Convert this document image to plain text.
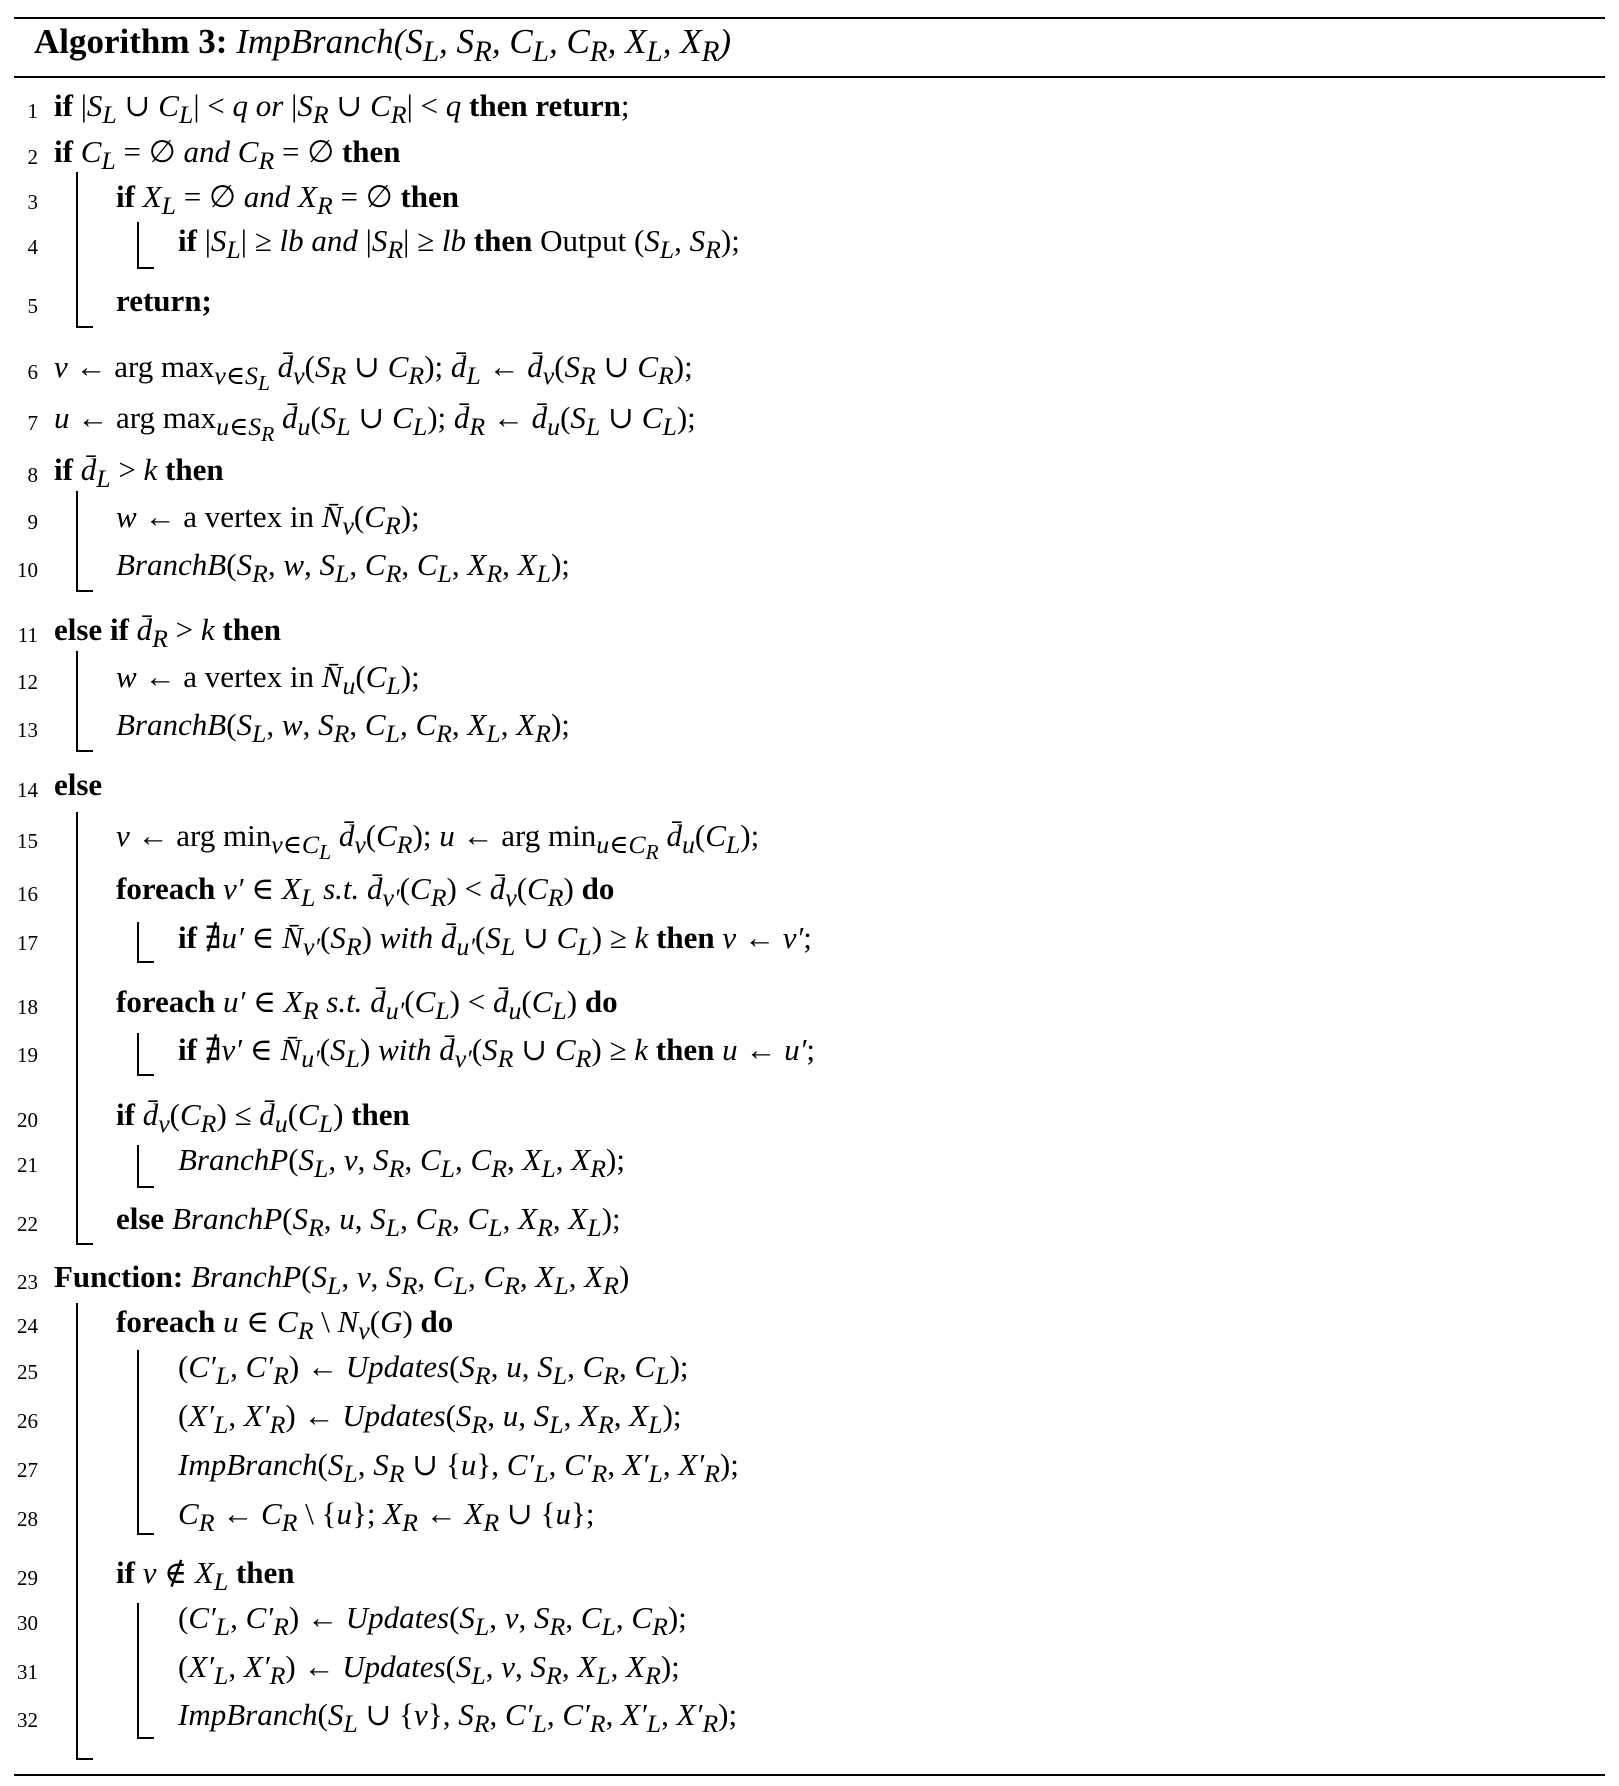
Algorithm 3: $ImpBranch(S_L$, $S_R$, $C_L$, $C_R$, $X_L$, $X_R$)
1
2
3
4
5
6
7
8
9
10
11
12
13
14
15
16
17
18
19
20
21
22
23
24
25
26
27
28
29
30
31
32
if $|S_L$ ∪ $C_L| < q$ or $|S_R$ ∪ $C_R| < q$ then return;
if $C_L$ = ∅ and $C_R$ = ∅ then
if $X_L$ = ∅ and $X_R$ = ∅ then
if $|S_L|$ ≥ lb and $|S_R|$ ≥ lb then Output ($S_L$, $S_R$);
return;
v ← arg $\max_{v\in S_L}$ $d̄_v(S_R$ ∪ $C_R$); $d̄_L$ ← $d̄_v(S_R$ ∪ $C_R$);
u ← arg $\max_{u\in S_R}$ $d̄_u(S_L$ ∪ $C_L$); $d̄_R$ ← $d̄_u(S_L$ ∪ $C_L$);
if $d̄_L > k$ then
w ← a vertex in $N̄_v(C_R)$;
$BranchB(S_R$, w, $S_L$, $C_R$, $C_L$, $X_R$, $X_L$);
else if $d̄_R > k$ then
w ← a vertex in $N̄_u(C_L)$;
$BranchB(S_L$, w, $S_R$, $C_L$, $C_R$, $X_L$, $X_R$);
else
v ← arg $\min_{v\in C_L}$ $d̄_v(C_R)$; u ← arg $\min_{u\in C_R}$ $d̄_u(C_L)$;
foreach v′ ∈ $X_L$ s.t. $d̄_{v'}(C_R)$ < $d̄_v(C_R)$ do
if ∄u′ ∈ $N̄_{v'}(S_R)$ with $d̄_{u'}(S_L$ ∪ $C_L) \ge k$ then v ← v′;
foreach u′ ∈ $X_R$ s.t. $d̄_{u'}(C_L)$ < $d̄_u(C_L)$ do
if ∄v′ ∈ $N̄_{u'}(S_L)$ with $d̄_{v'}(S_R$ ∪ $C_R) \ge k$ then u ← u′;
if $d̄_v(C_R)$ ≤ $d̄_u(C_L)$ then
$BranchP(S_L$, v, $S_R$, $C_L$, $C_R$, $X_L$, $X_R$);
else $BranchP(S_R$, u, $S_L$, $C_R$, $C_L$, $X_R$, $X_L$);
Function: $BranchP(S_L$, v, $S_R$, $C_L$, $C_R$, $X_L$, $X_R$)
foreach u ∈ $C_R$ \ $N_v(G)$ do
($C'_L$, $C'_R$) ← $Updates(S_R$, u, $S_L$, $C_R$, $C_L$);
($X'_L$, $X'_R$) ← $Updates(S_R$, u, $S_L$, $X_R$, $X_L$);
$ImpBranch(S_L$, $S_R$ ∪ {u}, $C'_L$, $C'_R$, $X'_L$, $X'_R$);
$C_R$ ← $C_R$ \ {u}; $X_R$ ← $X_R$ ∪ {u};
if v ∉ $X_L$ then
($C'_L$, $C'_R$) ← $Updates(S_L$, v, $S_R$, $C_L$, $C_R$);
($X'_L$, $X'_R$) ← $Updates(S_L$, v, $S_R$, $X_L$, $X_R$);
$ImpBranch(S_L$ ∪ {v}, $S_R$, $C'_L$, $C'_R$, $X'_L$, $X'_R$);
